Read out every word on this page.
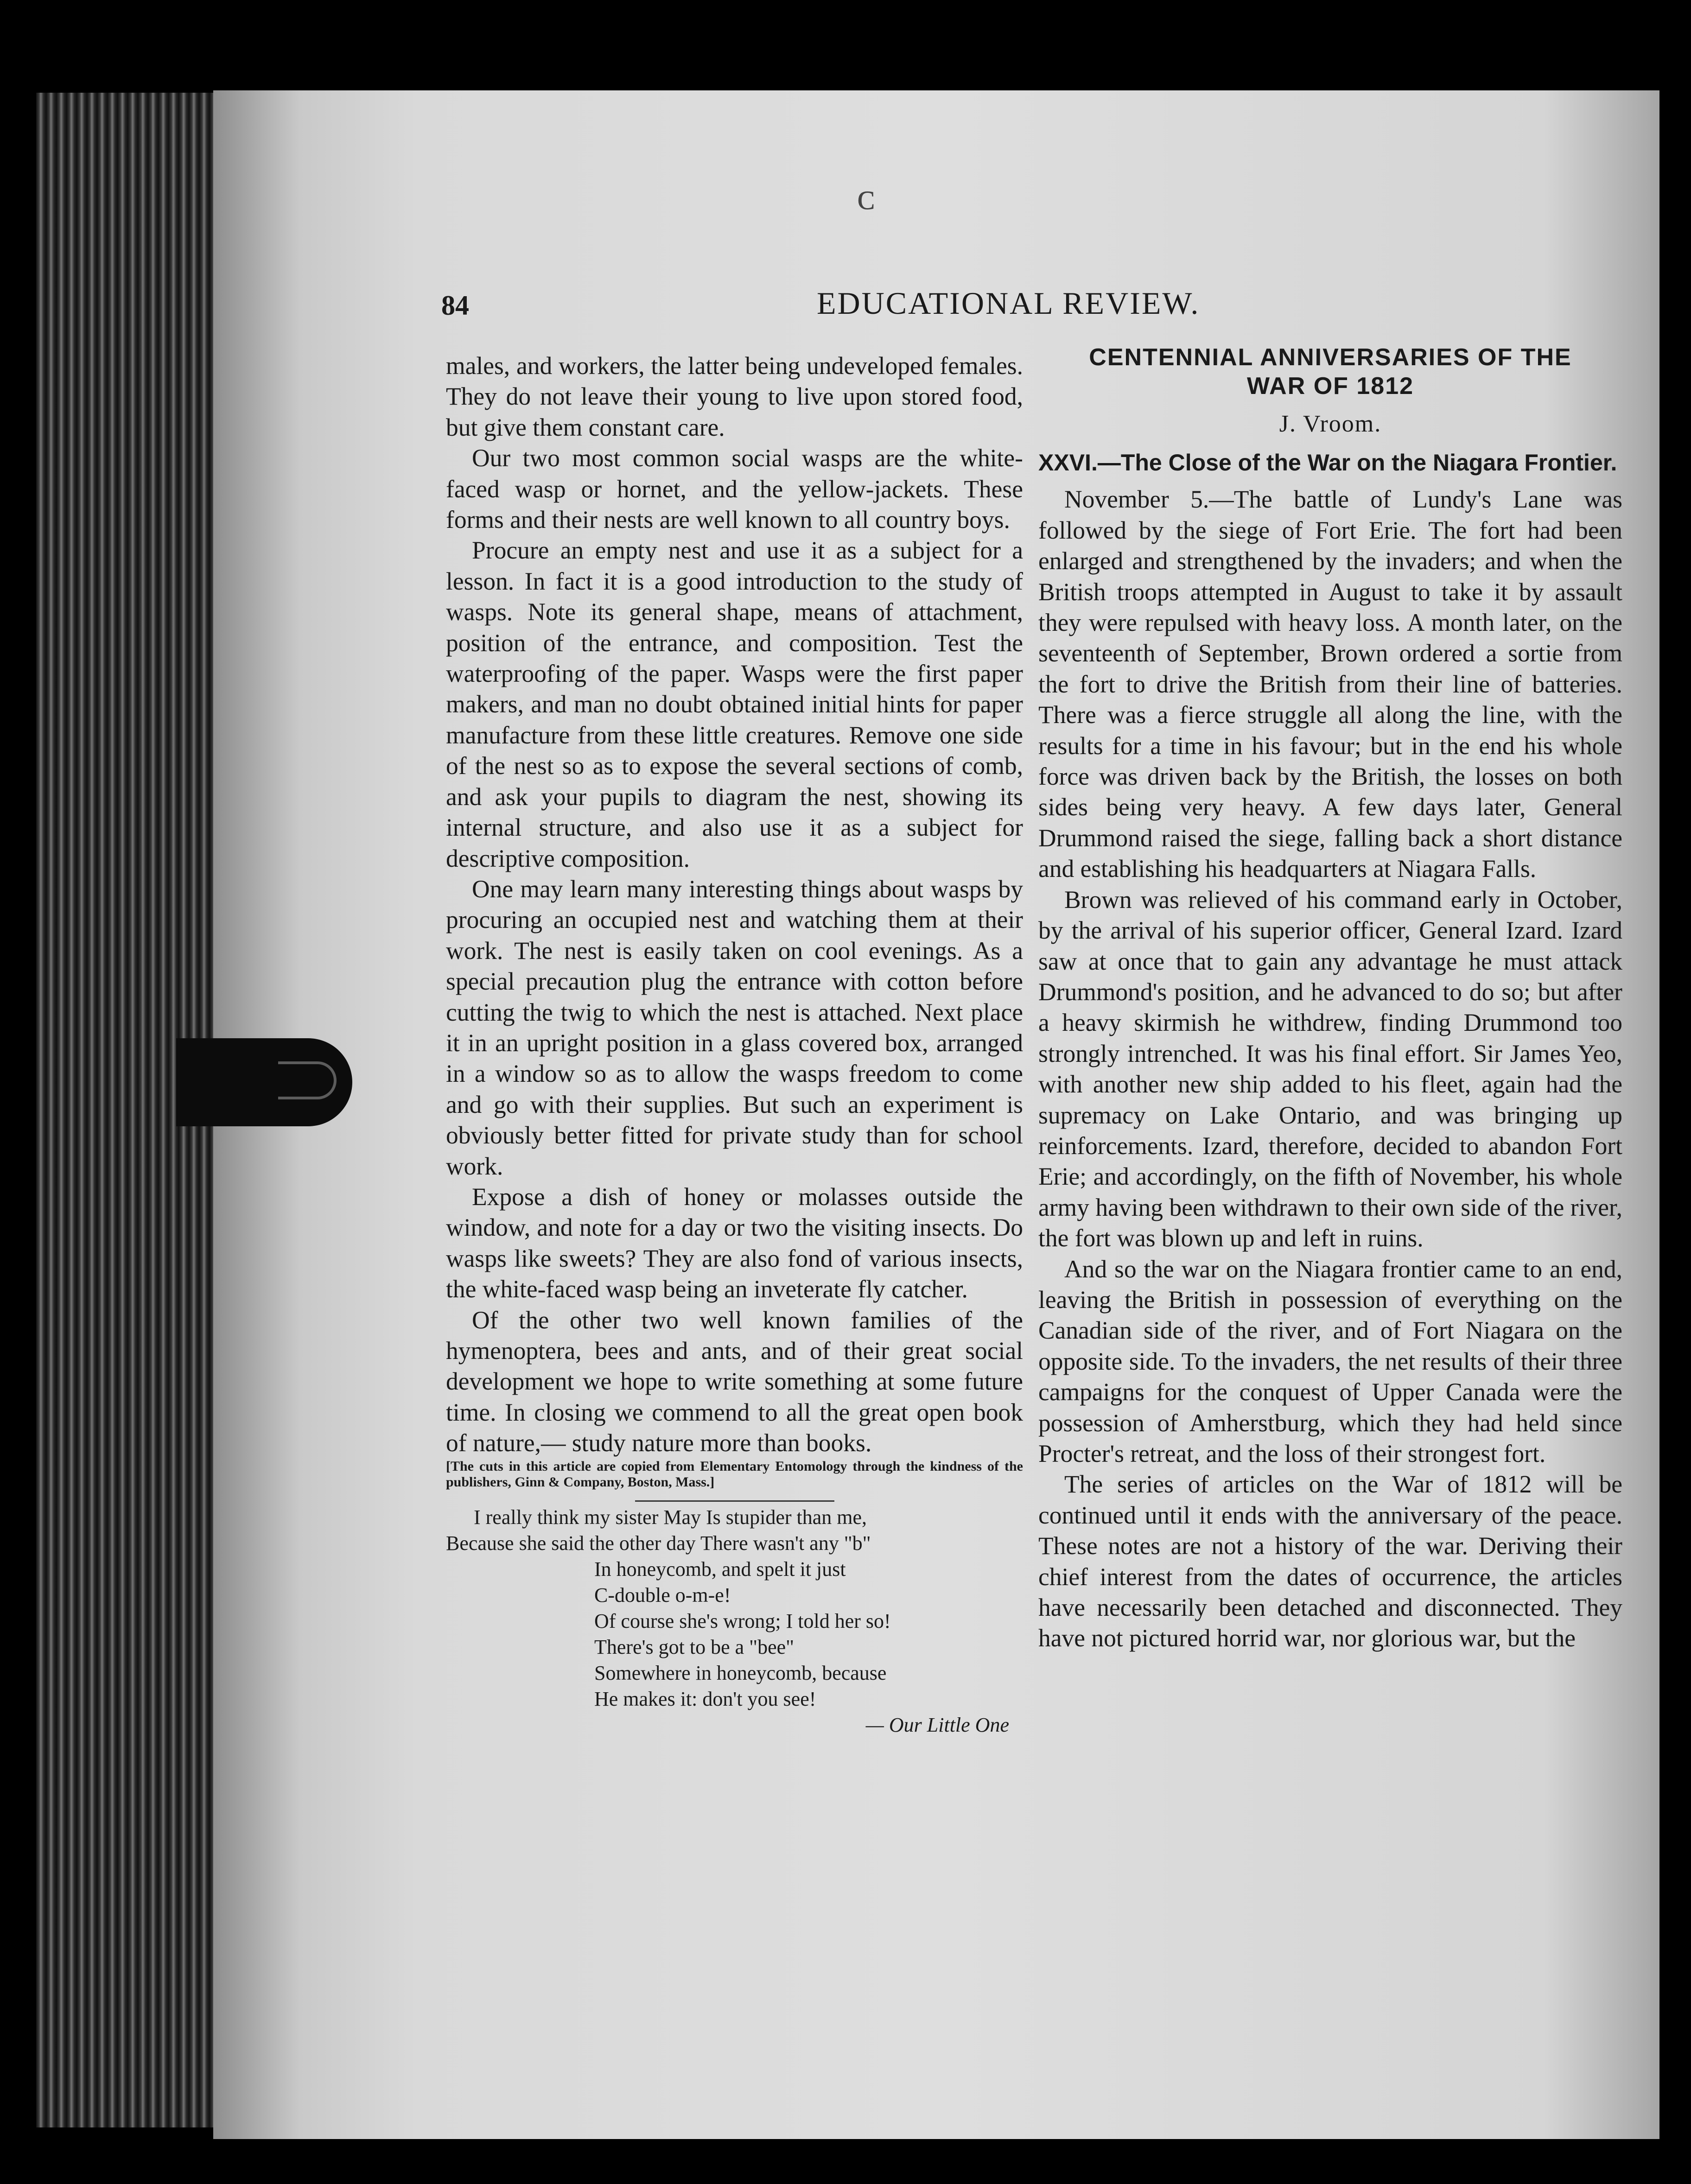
ᴄ
84	EDUCATIONAL REVIEW.

males, and workers, the latter being undeveloped females. They do not leave their young to live upon stored food, but give them constant care.

Our two most common social wasps are the white-faced wasp or hornet, and the yellow-jackets. These forms and their nests are well known to all country boys.

Procure an empty nest and use it as a subject for a lesson. In fact it is a good introduction to the study of wasps. Note its general shape, means of attachment, position of the entrance, and composition. Test the waterproofing of the paper. Wasps were the first paper makers, and man no doubt obtained initial hints for paper manufacture from these little creatures. Remove one side of the nest so as to expose the several sections of comb, and ask your pupils to diagram the nest, showing its internal structure, and also use it as a subject for descriptive composition.

One may learn many interesting things about wasps by procuring an occupied nest and watching them at their work. The nest is easily taken on cool evenings. As a special precaution plug the entrance with cotton before cutting the twig to which the nest is attached. Next place it in an upright position in a glass covered box, arranged in a window so as to allow the wasps freedom to come and go with their supplies. But such an experiment is obviously better fitted for private study than for school work.

Expose a dish of honey or molasses outside the window, and note for a day or two the visiting insects. Do wasps like sweets? They are also fond of various insects, the white-faced wasp being an inveterate fly catcher.

Of the other two well known families of the hymenoptera, bees and ants, and of their great social development we hope to write something at some future time. In closing we commend to all the great open book of nature,— study nature more than books.

[The cuts in this article are copied from Elementary Entomology through the kindness of the publishers, Ginn & Company, Boston, Mass.]

I really think my sister May Is stupider than me,
Because she said the other day There wasn't any "b"
In honeycomb, and spelt it just
C-double o-m-e!
Of course she's wrong; I told her so!
There's got to be a "bee"
Somewhere in honeycomb, because
He makes it: don't you see!
— Our Little One
CENTENNIAL ANNIVERSARIES OF THE
WAR OF 1812
J. Vroom.
XXVI.—The Close of the War on the Niagara Frontier.

November 5.—The battle of Lundy's Lane was followed by the siege of Fort Erie. The fort had been enlarged and strengthened by the invaders; and when the British troops attempted in August to take it by assault they were repulsed with heavy loss. A month later, on the seventeenth of September, Brown ordered a sortie from the fort to drive the British from their line of batteries. There was a fierce struggle all along the line, with the results for a time in his favour; but in the end his whole force was driven back by the British, the losses on both sides being very heavy. A few days later, General Drummond raised the siege, falling back a short distance and establishing his headquarters at Niagara Falls.

Brown was relieved of his command early in October, by the arrival of his superior officer, General Izard. Izard saw at once that to gain any advantage he must attack Drummond's position, and he advanced to do so; but after a heavy skirmish he withdrew, finding Drummond too strongly intrenched. It was his final effort. Sir James Yeo, with another new ship added to his fleet, again had the supremacy on Lake Ontario, and was bringing up reinforcements. Izard, therefore, decided to abandon Fort Erie; and accordingly, on the fifth of November, his whole army having been withdrawn to their own side of the river, the fort was blown up and left in ruins.

And so the war on the Niagara frontier came to an end, leaving the British in possession of everything on the Canadian side of the river, and of Fort Niagara on the opposite side. To the invaders, the net results of their three campaigns for the conquest of Upper Canada were the possession of Amherstburg, which they had held since Procter's retreat, and the loss of their strongest fort.

The series of articles on the War of 1812 will be continued until it ends with the anniversary of the peace. These notes are not a history of the war. Deriving their chief interest from the dates of occurrence, the articles have necessarily been detached and disconnected. They have not pictured horrid war, nor glorious war, but the
